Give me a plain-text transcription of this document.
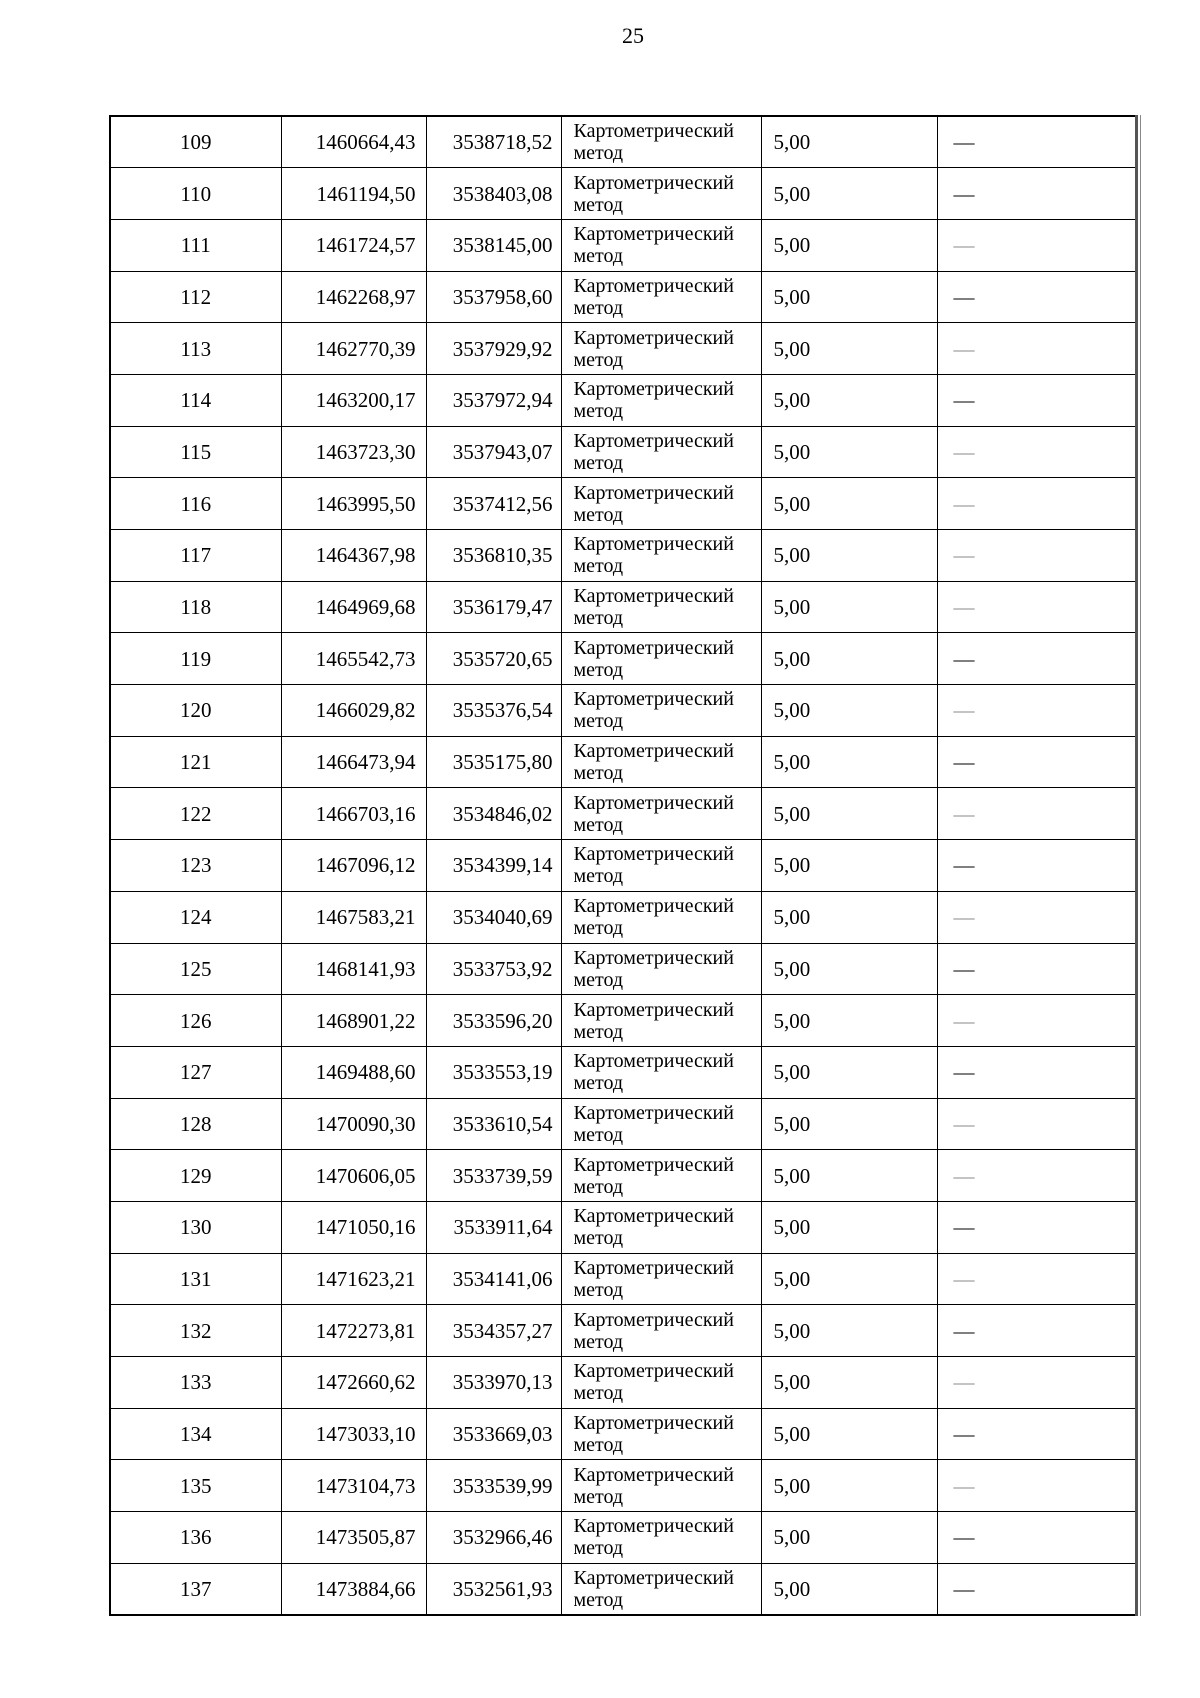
25
109	1460664,43	3538718,52	Картометрический
метод	5,00	—
110	1461194,50	3538403,08	Картометрический
метод	5,00	—
111	1461724,57	3538145,00	Картометрический
метод	5,00	—
112	1462268,97	3537958,60	Картометрический
метод	5,00	—
113	1462770,39	3537929,92	Картометрический
метод	5,00	—
114	1463200,17	3537972,94	Картометрический
метод	5,00	—
115	1463723,30	3537943,07	Картометрический
метод	5,00	—
116	1463995,50	3537412,56	Картометрический
метод	5,00	—
117	1464367,98	3536810,35	Картометрический
метод	5,00	—
118	1464969,68	3536179,47	Картометрический
метод	5,00	—
119	1465542,73	3535720,65	Картометрический
метод	5,00	—
120	1466029,82	3535376,54	Картометрический
метод	5,00	—
121	1466473,94	3535175,80	Картометрический
метод	5,00	—
122	1466703,16	3534846,02	Картометрический
метод	5,00	—
123	1467096,12	3534399,14	Картометрический
метод	5,00	—
124	1467583,21	3534040,69	Картометрический
метод	5,00	—
125	1468141,93	3533753,92	Картометрический
метод	5,00	—
126	1468901,22	3533596,20	Картометрический
метод	5,00	—
127	1469488,60	3533553,19	Картометрический
метод	5,00	—
128	1470090,30	3533610,54	Картометрический
метод	5,00	—
129	1470606,05	3533739,59	Картометрический
метод	5,00	—
130	1471050,16	3533911,64	Картометрический
метод	5,00	—
131	1471623,21	3534141,06	Картометрический
метод	5,00	—
132	1472273,81	3534357,27	Картометрический
метод	5,00	—
133	1472660,62	3533970,13	Картометрический
метод	5,00	—
134	1473033,10	3533669,03	Картометрический
метод	5,00	—
135	1473104,73	3533539,99	Картометрический
метод	5,00	—
136	1473505,87	3532966,46	Картометрический
метод	5,00	—
137	1473884,66	3532561,93	Картометрический
метод	5,00	—
